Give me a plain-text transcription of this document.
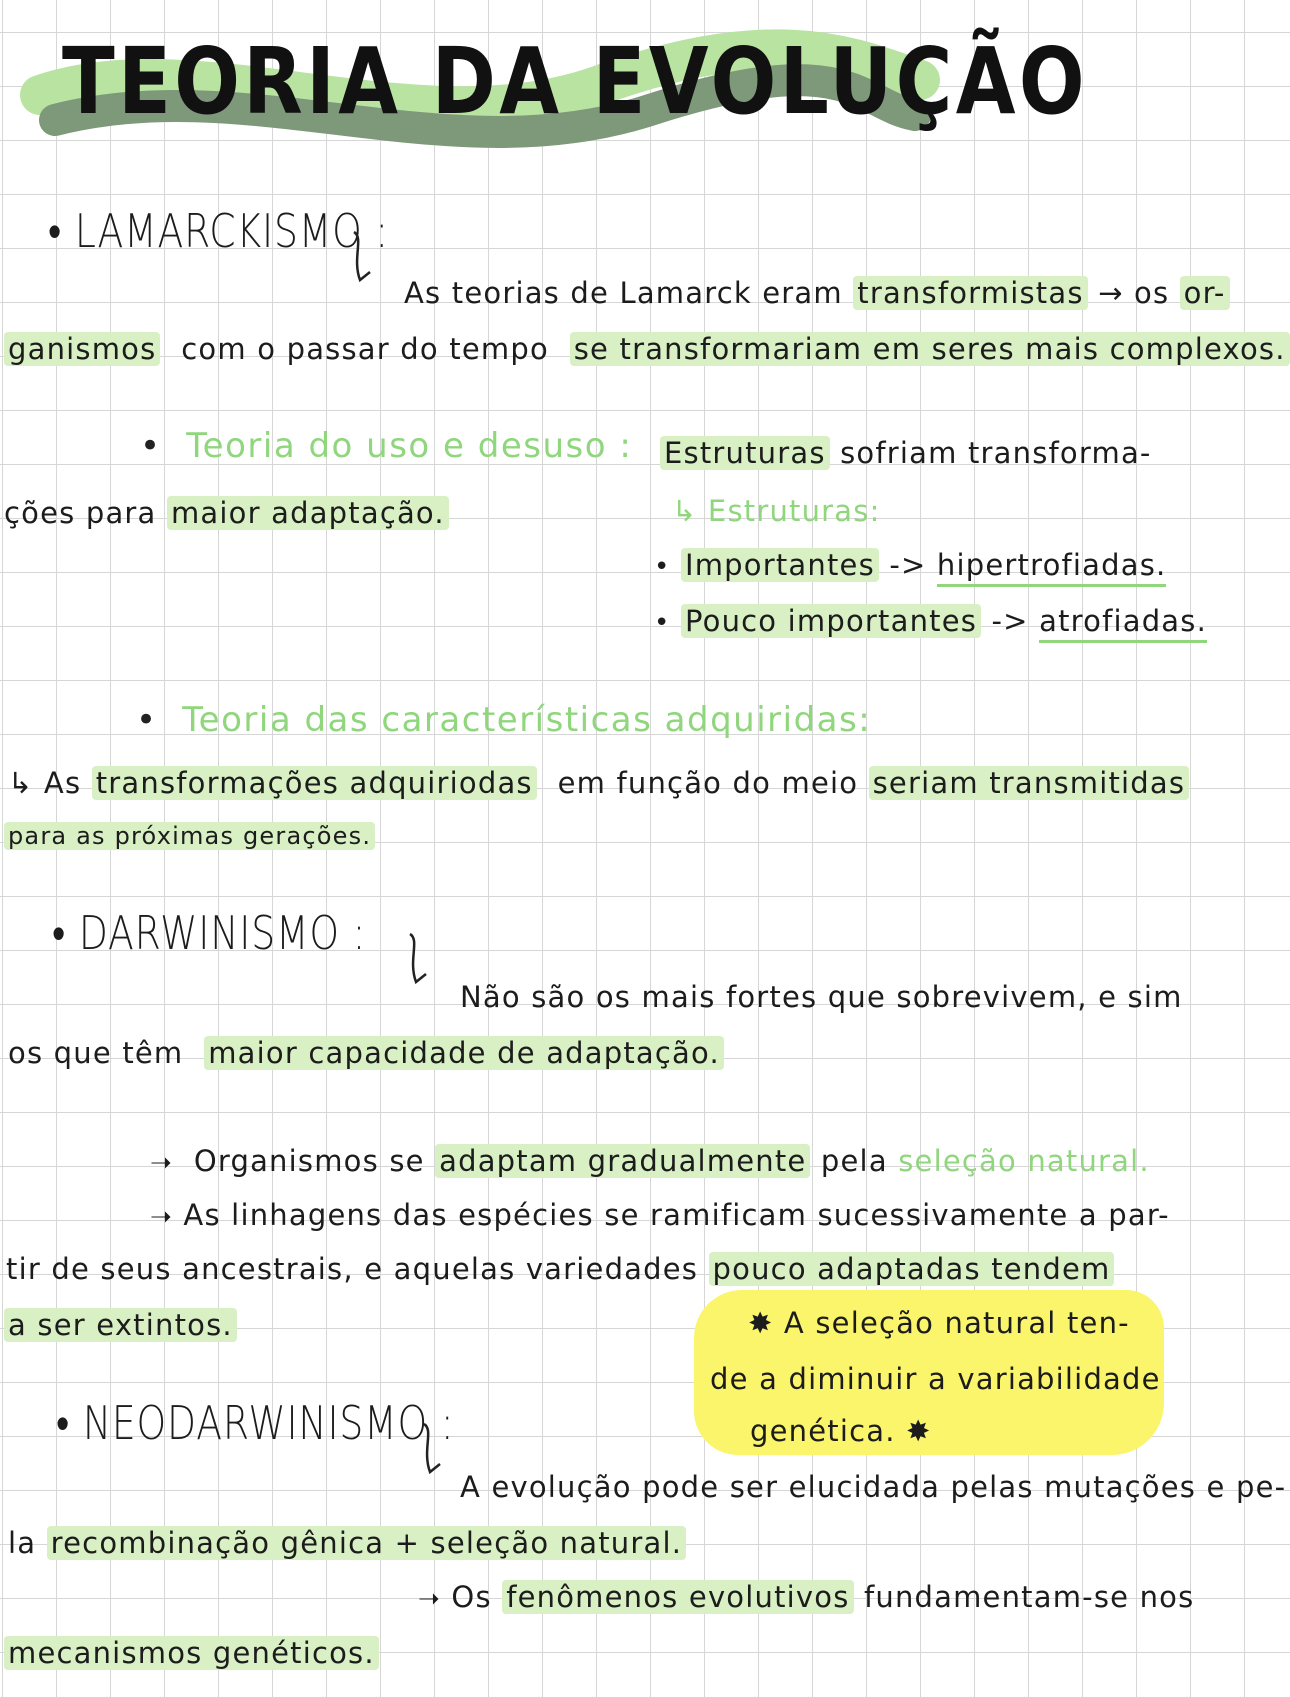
TEORIA DA EVOLUÇÃO
• LAMARCKISMO :
As teorias de Lamarck eram transformistas → os or-
ganismos com o passar do tempo se transformariam em seres mais complexos.
• Teoria do uso e desuso : Estruturas sofriam transforma-
ções para maior adaptação.	↳ Estruturas:
• Importantes -> hipertrofiadas.
• Pouco importantes -> atrofiadas.
• Teoria das características adquiridas:
↳ As transformações adquiriodas em função do meio seriam transmitidas
para as próximas gerações.
• DARWINISMO :
Não são os mais fortes que sobrevivem, e sim
os que têm maior capacidade de adaptação.
➝ Organismos se adaptam gradualmente pela seleção natural.
➝ As linhagens das espécies se ramificam sucessivamente a par-
tir de seus ancestrais, e aquelas variedades pouco adaptadas tendem
a ser extintos.	✸ A seleção natural ten-
de a diminuir a variabilidade
genética. ✸
• NEODARWINISMO :
A evolução pode ser elucidada pelas mutações e pe-
la recombinação gênica + seleção natural.
➝ Os fenômenos evolutivos fundamentam-se nos
mecanismos genéticos.
